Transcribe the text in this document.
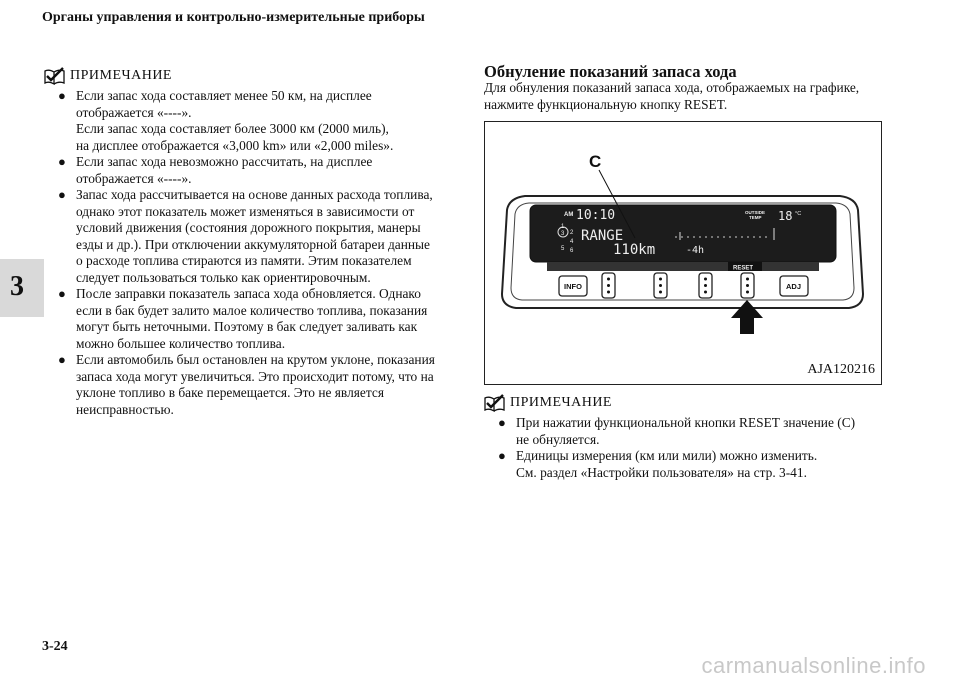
Органы управления и контрольно-измерительные приборы
3
ПРИМЕЧАНИЕ
● Если запас хода составляет менее 50 км, на дисплее
отображается «----».
Если запас хода составляет более 3000 км (2000 миль),
на дисплее отображается «3,000 km» или «2,000 miles».
● Если запас хода невозможно рассчитать, на дисплее
отображается «----».
● Запас хода рассчитывается на основе данных расхода топлива,
однако этот показатель может изменяться в зависимости от
условий движения (состояния дорожного покрытия, манеры
езды и др.). При отключении аккумуляторной батареи данные
о расходе топлива стираются из памяти. Этим показателем
следует пользоваться только как ориентировочным.
● После заправки показатель запаса хода обновляется. Однако
если в бак будет залито малое количество топлива, показания
могут быть неточными. Поэтому в бак следует заливать как
можно большее количество топлива.
● Если автомобиль был остановлен на крутом уклоне, показания
запаса хода могут увеличиться. Это происходит потому, что на
уклоне топливо в баке перемещается. Это не является
неисправностью.
Обнуление показаний запаса хода
Для обнуления показаний запаса хода, отображаемых на графике,
нажмите функциональную кнопку RESET.
C
AM 10:10	OUTSIDE
TEMP 18 °C
1
3
5
2
4
6
RANGE
110km	-4h
RESET
INFO	ADJ
AJA120216
ПРИМЕЧАНИЕ
● При нажатии функциональной кнопки RESET значение (C)
не обнуляется.
● Единицы измерения (км или мили) можно изменить.
См. раздел «Настройки пользователя» на стр. 3-41.
3-24
carmanualsonline.info
